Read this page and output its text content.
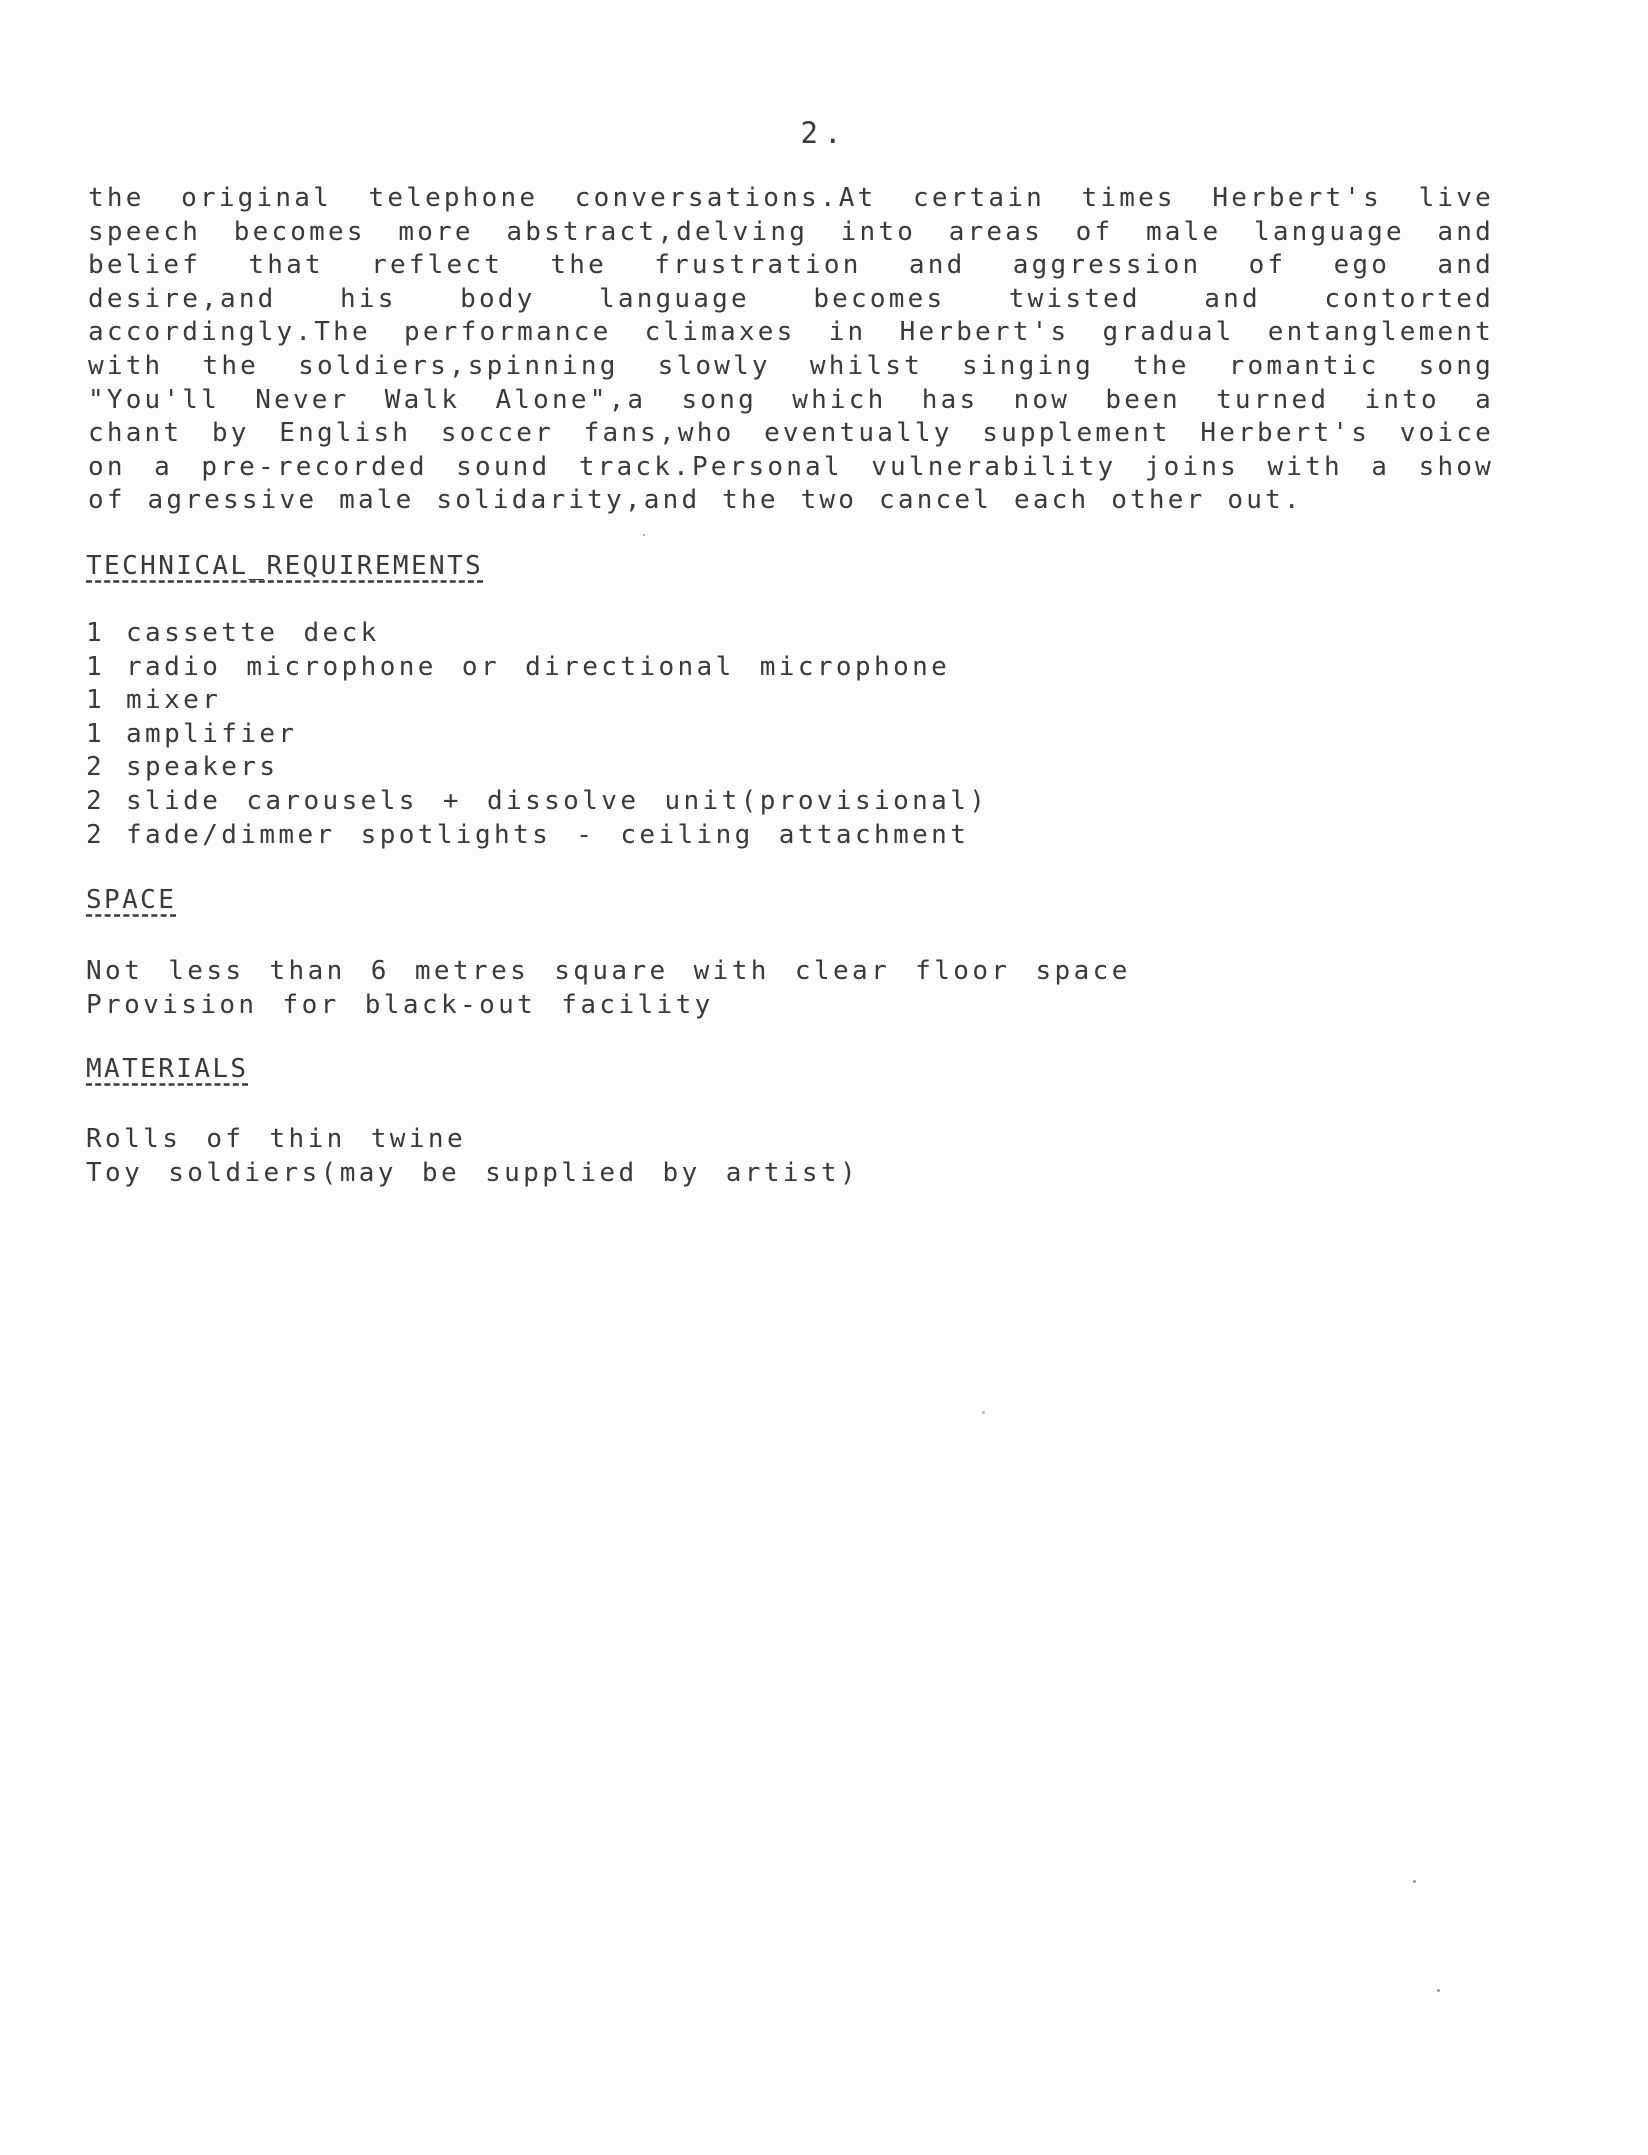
2.
the original telephone conversations.At certain times Herbert's live
speech becomes more abstract,delving into areas of male language and
belief that reflect the frustration and aggression of ego and
desire,and his body language becomes twisted and contorted
accordingly.The performance climaxes in Herbert's gradual entanglement
with the soldiers,spinning slowly whilst singing the romantic song
"You'll Never Walk Alone",a song which has now been turned into a
chant by English soccer fans,who eventually supplement Herbert's voice
on a pre-recorded sound track.Personal vulnerability joins with a show
of agressive male solidarity,and the two cancel each other out.
TECHNICAL_REQUIREMENTS
1 cassette deck
1 radio microphone or directional microphone
1 mixer
1 amplifier
2 speakers
2 slide carousels + dissolve unit(provisional)
2 fade/dimmer spotlights - ceiling attachment
SPACE
Not less than 6 metres square with clear floor space
Provision for black-out facility
MATERIALS
Rolls of thin twine
Toy soldiers(may be supplied by artist)
